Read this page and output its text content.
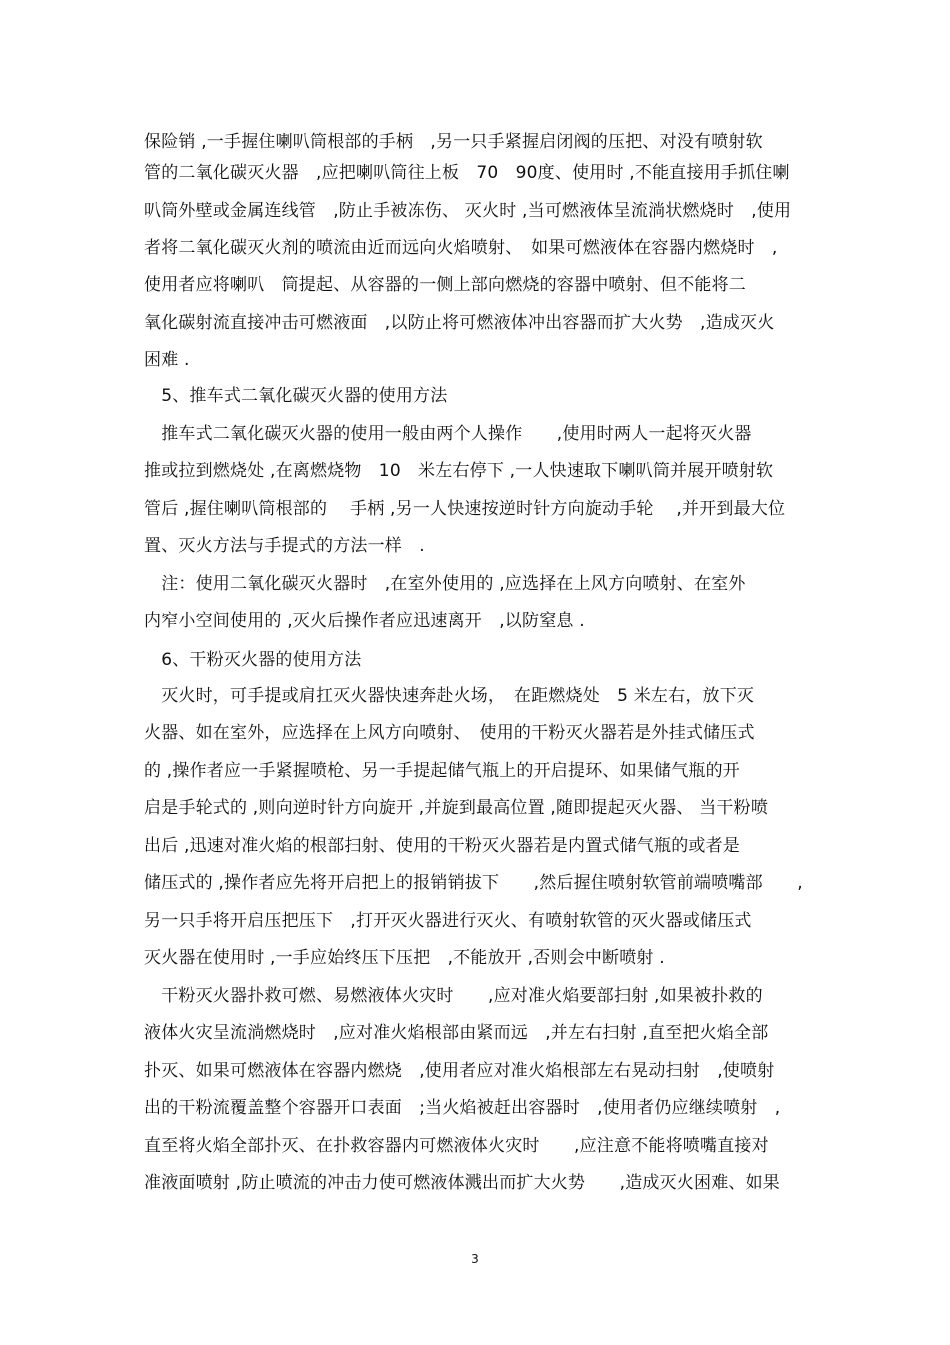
保险销 ,一手握住喇叭筒根部的手柄　,另一只手紧握启闭阀的压把、对没有喷射软
管的二氧化碳灭火器　,应把喇叭筒往上板　70　90度、使用时 ,不能直接用手抓住喇
叭筒外壁或金属连线管　,防止手被冻伤、 灭火时 ,当可燃液体呈流淌状燃烧时　,使用
者将二氧化碳灭火剂的喷流由近而远向火焰喷射、　如果可燃液体在容器内燃烧时　,
使用者应将喇叭　筒提起、从容器的一侧上部向燃烧的容器中喷射、但不能将二
氧化碳射流直接冲击可燃液面　,以防止将可燃液体冲出容器而扩大火势　,造成灭火
困难 .
　5、推车式二氧化碳灭火器的使用方法
　推车式二氧化碳灭火器的使用一般由两个人操作　　,使用时两人一起将灭火器
推或拉到燃烧处 ,在离燃烧物　10　米左右停下 ,一人快速取下喇叭筒并展开喷射软
管后 ,握住喇叭筒根部的　 手柄 ,另一人快速按逆时针方向旋动手轮　 ,并开到最大位
置、灭火方法与手提式的方法一样　.
　注：使用二氧化碳灭火器时　,在室外使用的 ,应选择在上风方向喷射、在室外
内窄小空间使用的 ,灭火后操作者应迅速离开　,以防窒息 .
　6、干粉灭火器的使用方法
　灭火时，可手提或肩扛灭火器快速奔赴火场，　在距燃烧处　5 米左右，放下灭
火器、如在室外，应选择在上风方向喷射、　使用的干粉灭火器若是外挂式储压式
的 ,操作者应一手紧握喷枪、另一手提起储气瓶上的开启提环、如果储气瓶的开
启是手轮式的 ,则向逆时针方向旋开 ,并旋到最高位置 ,随即提起灭火器、 当干粉喷
出后 ,迅速对准火焰的根部扫射、使用的干粉灭火器若是内置式储气瓶的或者是
储压式的 ,操作者应先将开启把上的报销销拔下　　,然后握住喷射软管前端喷嘴部　　,
另一只手将开启压把压下　,打开灭火器进行灭火、有喷射软管的灭火器或储压式
灭火器在使用时 ,一手应始终压下压把　,不能放开 ,否则会中断喷射 .
　干粉灭火器扑救可燃、易燃液体火灾时　　,应对准火焰要部扫射 ,如果被扑救的
液体火灾呈流淌燃烧时　,应对准火焰根部由紧而远　,并左右扫射 ,直至把火焰全部
扑灭、如果可燃液体在容器内燃烧　,使用者应对准火焰根部左右晃动扫射　,使喷射
出的干粉流覆盖整个容器开口表面　;当火焰被赶出容器时　,使用者仍应继续喷射　,
直至将火焰全部扑灭、在扑救容器内可燃液体火灾时　　,应注意不能将喷嘴直接对
准液面喷射 ,防止喷流的冲击力使可燃液体溅出而扩大火势　　,造成灭火困难、如果
3
